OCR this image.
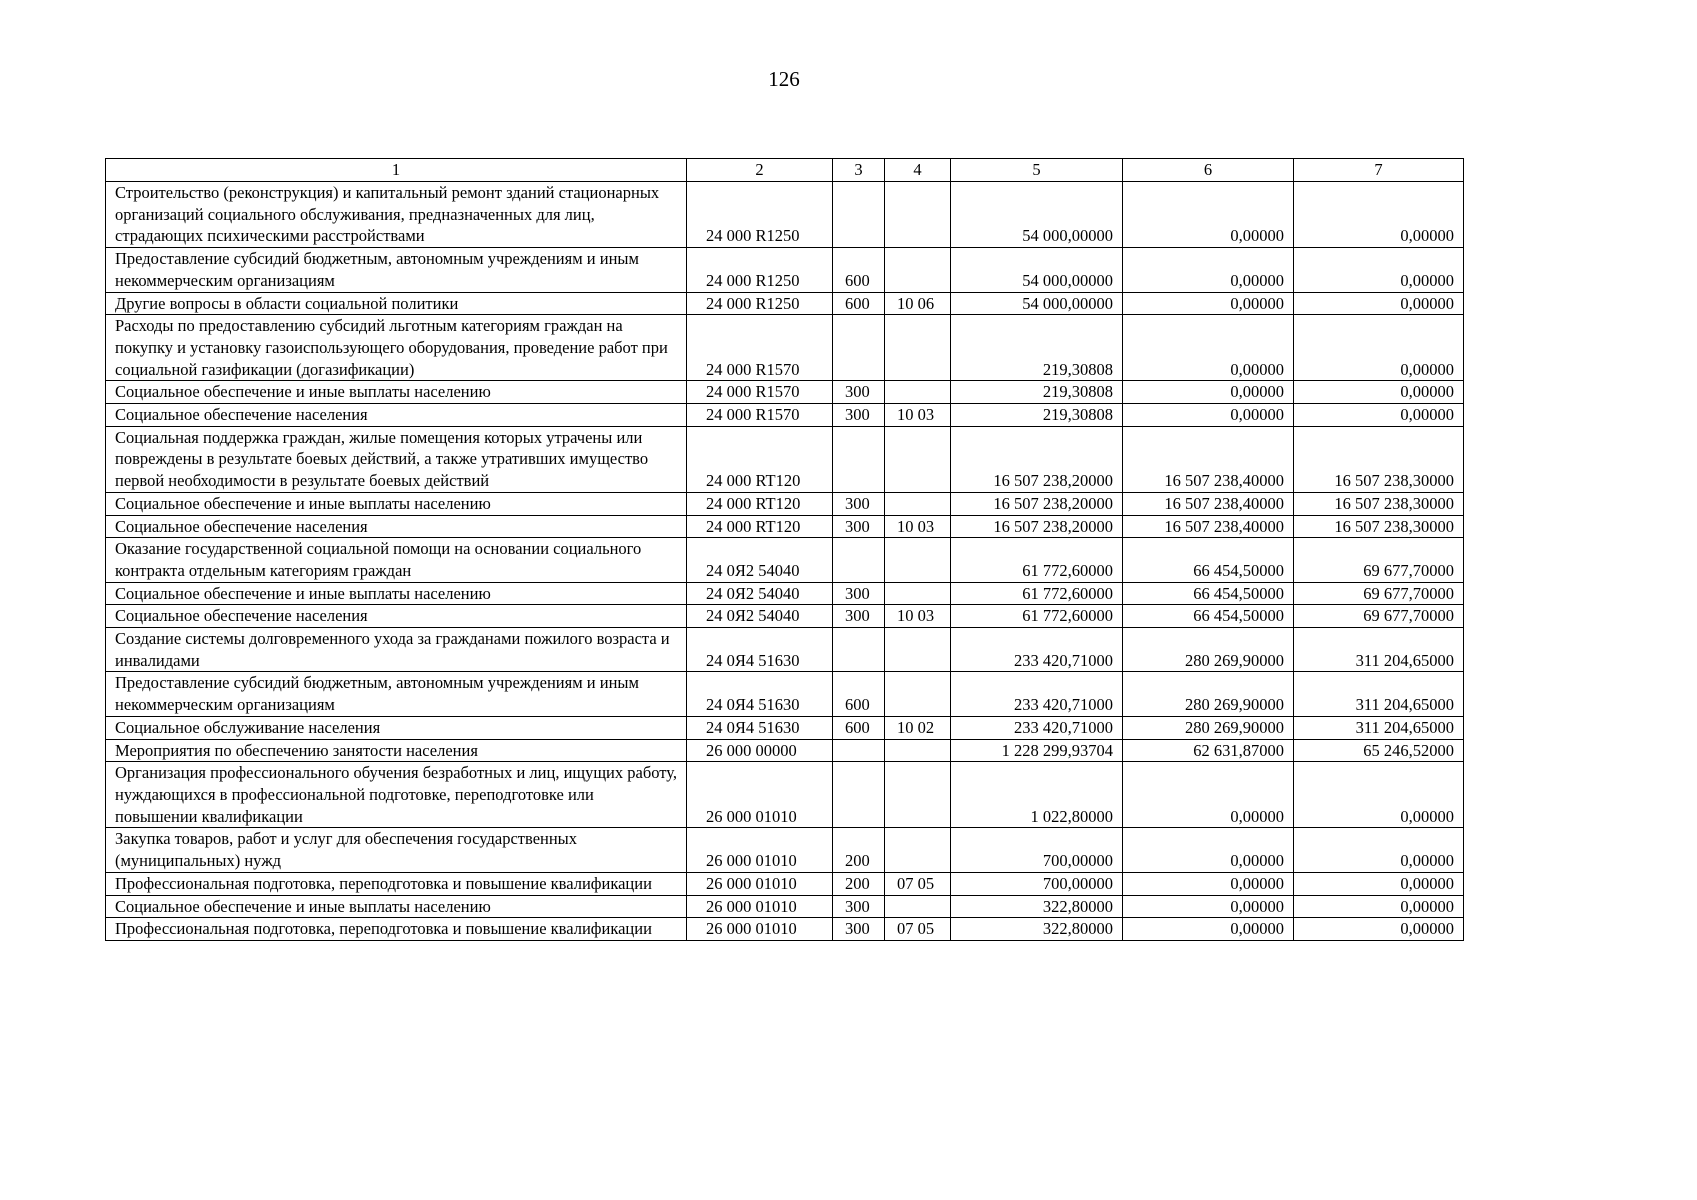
126
1	2	3	4	5	6	7
Строительство (реконструкция) и капитальный ремонт зданий стационарных организаций социального обслуживания, предназначенных для лиц, страдающих психическими расстройствами	24 000 R1250			54 000,00000	0,00000	0,00000
Предоставление субсидий бюджетным, автономным учреждениям и иным некоммерческим организациям	24 000 R1250	600		54 000,00000	0,00000	0,00000
Другие вопросы в области социальной политики	24 000 R1250	600	10 06	54 000,00000	0,00000	0,00000
Расходы по предоставлению субсидий льготным категориям граждан на покупку и установку газоиспользующего оборудования, проведение работ при социальной газификации (догазификации)	24 000 R1570			219,30808	0,00000	0,00000
Социальное обеспечение и иные выплаты населению	24 000 R1570	300		219,30808	0,00000	0,00000
Социальное обеспечение населения	24 000 R1570	300	10 03	219,30808	0,00000	0,00000
Социальная поддержка граждан, жилые помещения которых утрачены или повреждены в результате боевых действий, а также утративших имущество первой необходимости в результате боевых действий	24 000 RT120			16 507 238,20000	16 507 238,40000	16 507 238,30000
Социальное обеспечение и иные выплаты населению	24 000 RT120	300		16 507 238,20000	16 507 238,40000	16 507 238,30000
Социальное обеспечение населения	24 000 RT120	300	10 03	16 507 238,20000	16 507 238,40000	16 507 238,30000
Оказание государственной социальной помощи на основании социального контракта отдельным категориям граждан	24 0Я2 54040			61 772,60000	66 454,50000	69 677,70000
Социальное обеспечение и иные выплаты населению	24 0Я2 54040	300		61 772,60000	66 454,50000	69 677,70000
Социальное обеспечение населения	24 0Я2 54040	300	10 03	61 772,60000	66 454,50000	69 677,70000
Создание системы долговременного ухода за гражданами пожилого возраста и инвалидами	24 0Я4 51630			233 420,71000	280 269,90000	311 204,65000
Предоставление субсидий бюджетным, автономным учреждениям и иным некоммерческим организациям	24 0Я4 51630	600		233 420,71000	280 269,90000	311 204,65000
Социальное обслуживание населения	24 0Я4 51630	600	10 02	233 420,71000	280 269,90000	311 204,65000
Мероприятия по обеспечению занятости населения	26 000 00000			1 228 299,93704	62 631,87000	65 246,52000
Организация профессионального обучения безработных и лиц, ищущих работу, нуждающихся в профессиональной подготовке, переподготовке или повышении квалификации	26 000 01010			1 022,80000	0,00000	0,00000
Закупка товаров, работ и услуг для обеспечения государственных (муниципальных) нужд	26 000 01010	200		700,00000	0,00000	0,00000
Профессиональная подготовка, переподготовка и повышение квалификации	26 000 01010	200	07 05	700,00000	0,00000	0,00000
Социальное обеспечение и иные выплаты населению	26 000 01010	300		322,80000	0,00000	0,00000
Профессиональная подготовка, переподготовка и повышение квалификации	26 000 01010	300	07 05	322,80000	0,00000	0,00000
